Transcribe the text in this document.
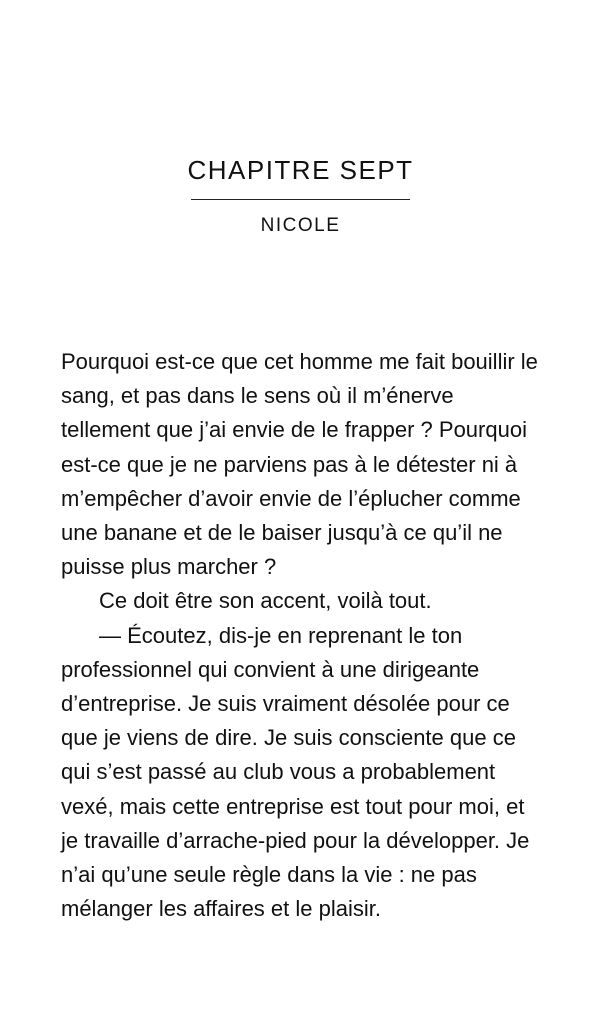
CHAPITRE SEPT
NICOLE

Pourquoi est-ce que cet homme me fait bouillir le sang, et pas dans le sens où il m’énerve tellement que j’ai envie de le frapper ? Pourquoi est-ce que je ne parviens pas à le détester ni à m’empêcher d’avoir envie de l’éplucher comme une banane et de le baiser jusqu’à ce qu’il ne puisse plus marcher ?

Ce doit être son accent, voilà tout.

— Écoutez, dis-je en reprenant le ton professionnel qui convient à une dirigeante d’entreprise. Je suis vraiment désolée pour ce que je viens de dire. Je suis consciente que ce qui s’est passé au club vous a probablement vexé, mais cette entreprise est tout pour moi, et je travaille d’arrache-pied pour la développer. Je n’ai qu’une seule règle dans la vie : ne pas mélanger les affaires et le plaisir.
